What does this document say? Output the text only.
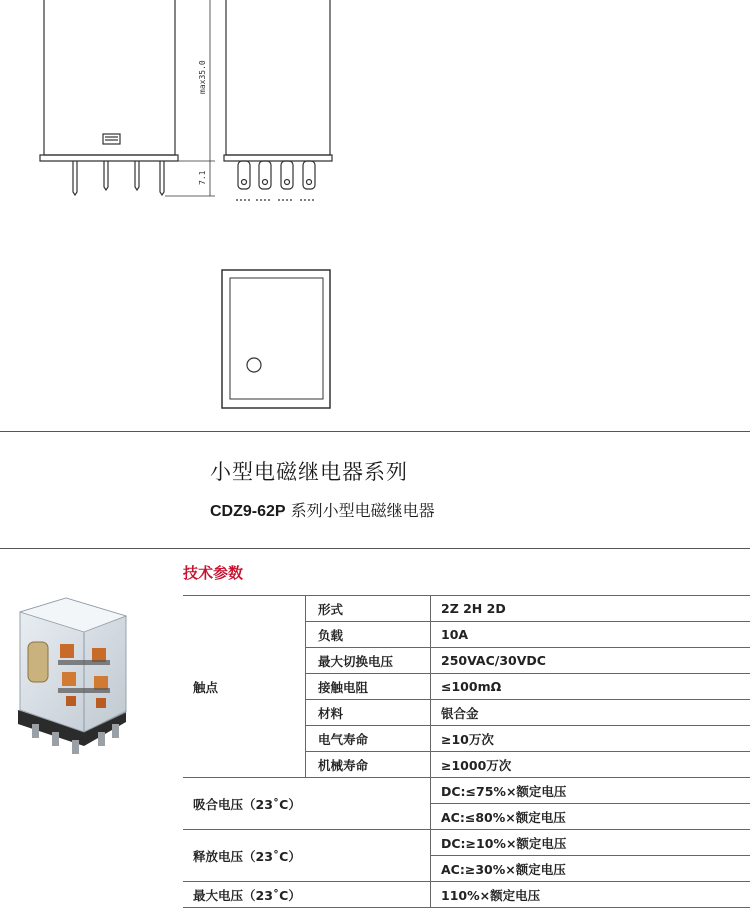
max35.0
7.1
小型电磁继电器系列
CDZ9-62P 系列小型电磁继电器
技术参数
触点	形式	2Z 2H 2D
	负载	10A
	最大切换电压	250VAC/30VDC
	接触电阻	≤100mΩ
	材料	银合金
	电气寿命	≥10万次
	机械寿命	≥1000万次
吸合电压（23˚C）		DC:≤75%×额定电压
		AC:≤80%×额定电压
释放电压（23˚C）		DC:≥10%×额定电压
		AC:≥30%×额定电压
最大电压（23˚C）		110%×额定电压
